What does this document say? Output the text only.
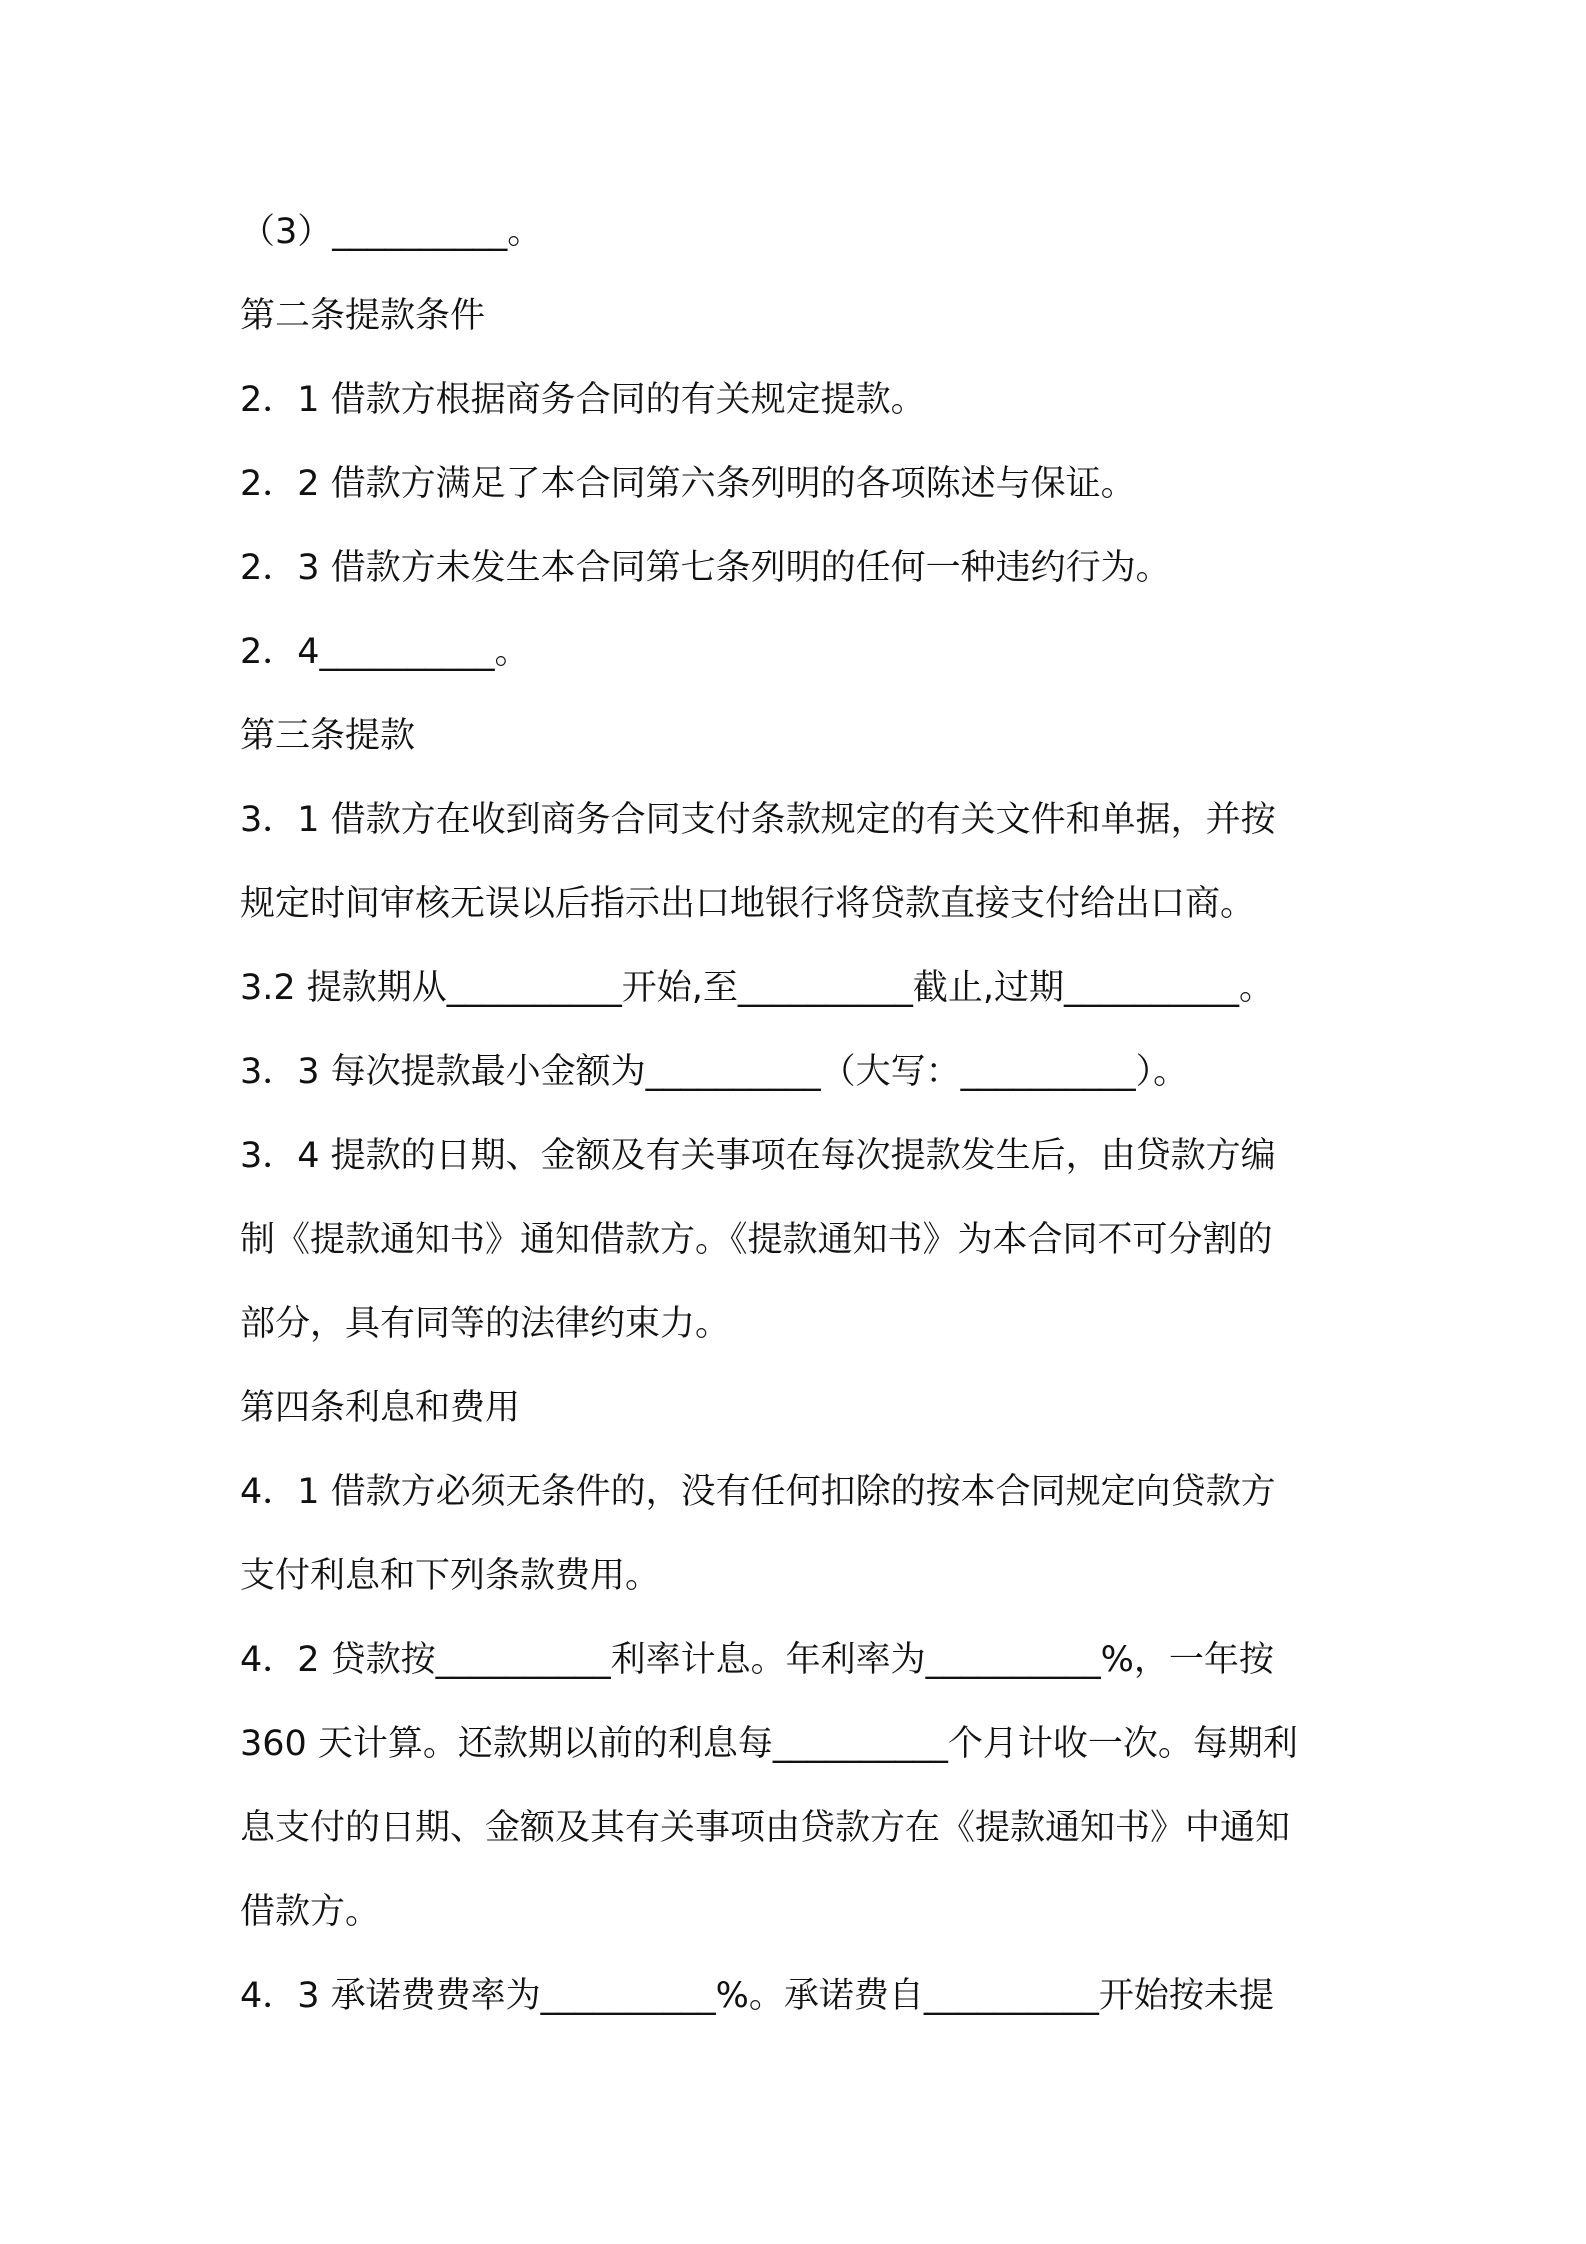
（3）__________。
第二条提款条件
2．1 借款方根据商务合同的有关规定提款。
2．2 借款方满足了本合同第六条列明的各项陈述与保证。
2．3 借款方未发生本合同第七条列明的任何一种违约行为。
2．4__________。
第三条提款
3．1 借款方在收到商务合同支付条款规定的有关文件和单据，并按
规定时间审核无误以后指示出口地银行将贷款直接支付给出口商。
3.2 提款期从__________开始,至__________截止,过期__________。
3．3 每次提款最小金额为__________（大写：__________）。
3．4 提款的日期、金额及有关事项在每次提款发生后，由贷款方编
制《提款通知书》通知借款方。《提款通知书》为本合同不可分割的
部分，具有同等的法律约束力。
第四条利息和费用
4．1 借款方必须无条件的，没有任何扣除的按本合同规定向贷款方
支付利息和下列条款费用。
4．2 贷款按__________利率计息。年利率为__________%，一年按
360 天计算。还款期以前的利息每__________个月计收一次。每期利
息支付的日期、金额及其有关事项由贷款方在《提款通知书》中通知
借款方。
4．3 承诺费费率为__________%。承诺费自__________开始按未提
